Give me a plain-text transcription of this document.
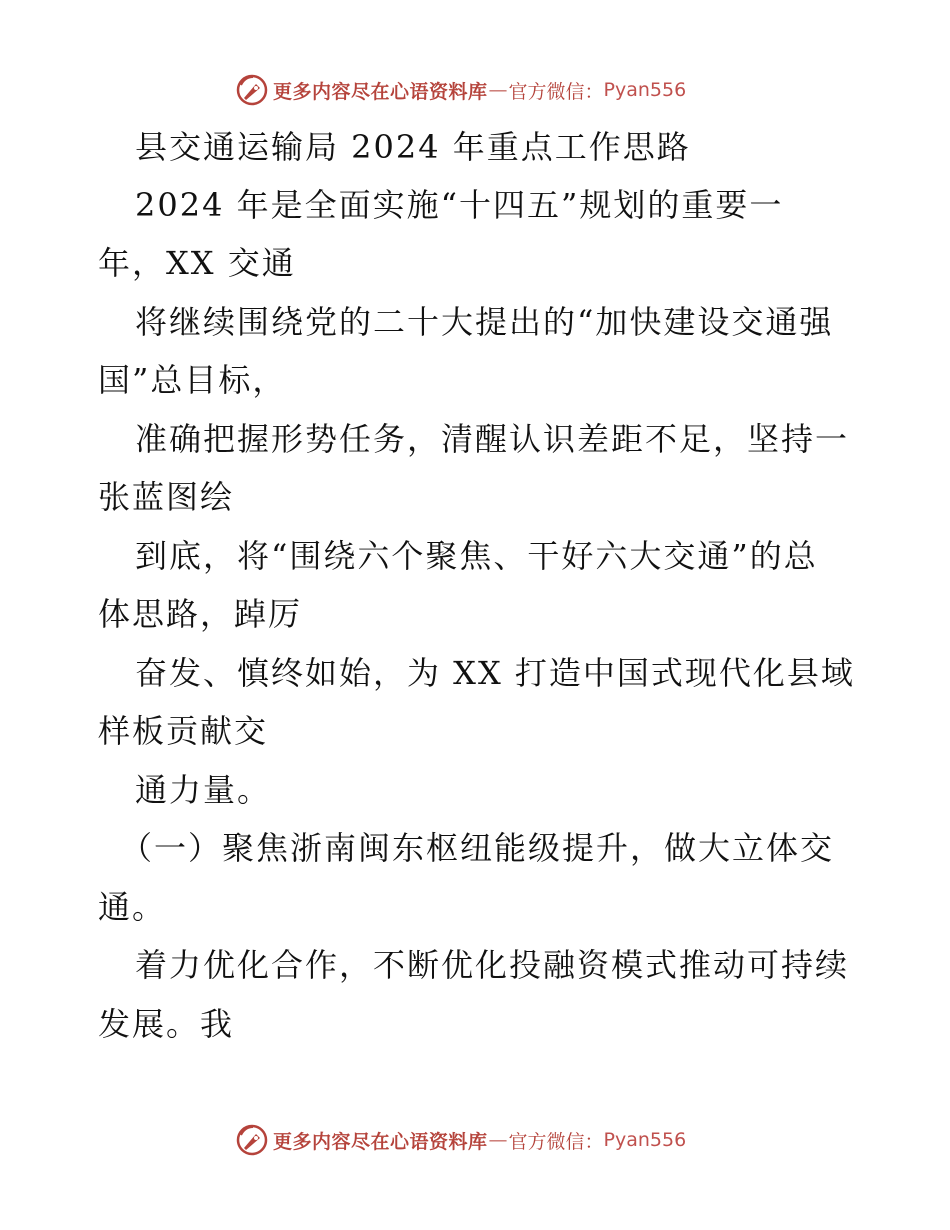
更多内容尽在心语资料库 — 官方微信： Pyan556
县交通运输局 2024 年重点工作思路
2024 年是全面实施“十四五”规划的重要一
年，XX 交通
将继续围绕党的二十大提出的“加快建设交通强
国”总目标，
准确把握形势任务，清醒认识差距不足，坚持一
张蓝图绘
到底，将“围绕六个聚焦、干好六大交通”的总
体思路，踔厉
奋发、慎终如始，为 XX 打造中国式现代化县域
样板贡献交
通力量。
（一）聚焦浙南闽东枢纽能级提升，做大立体交
通。
着力优化合作，不断优化投融资模式推动可持续
发展。我
更多内容尽在心语资料库 — 官方微信： Pyan556
